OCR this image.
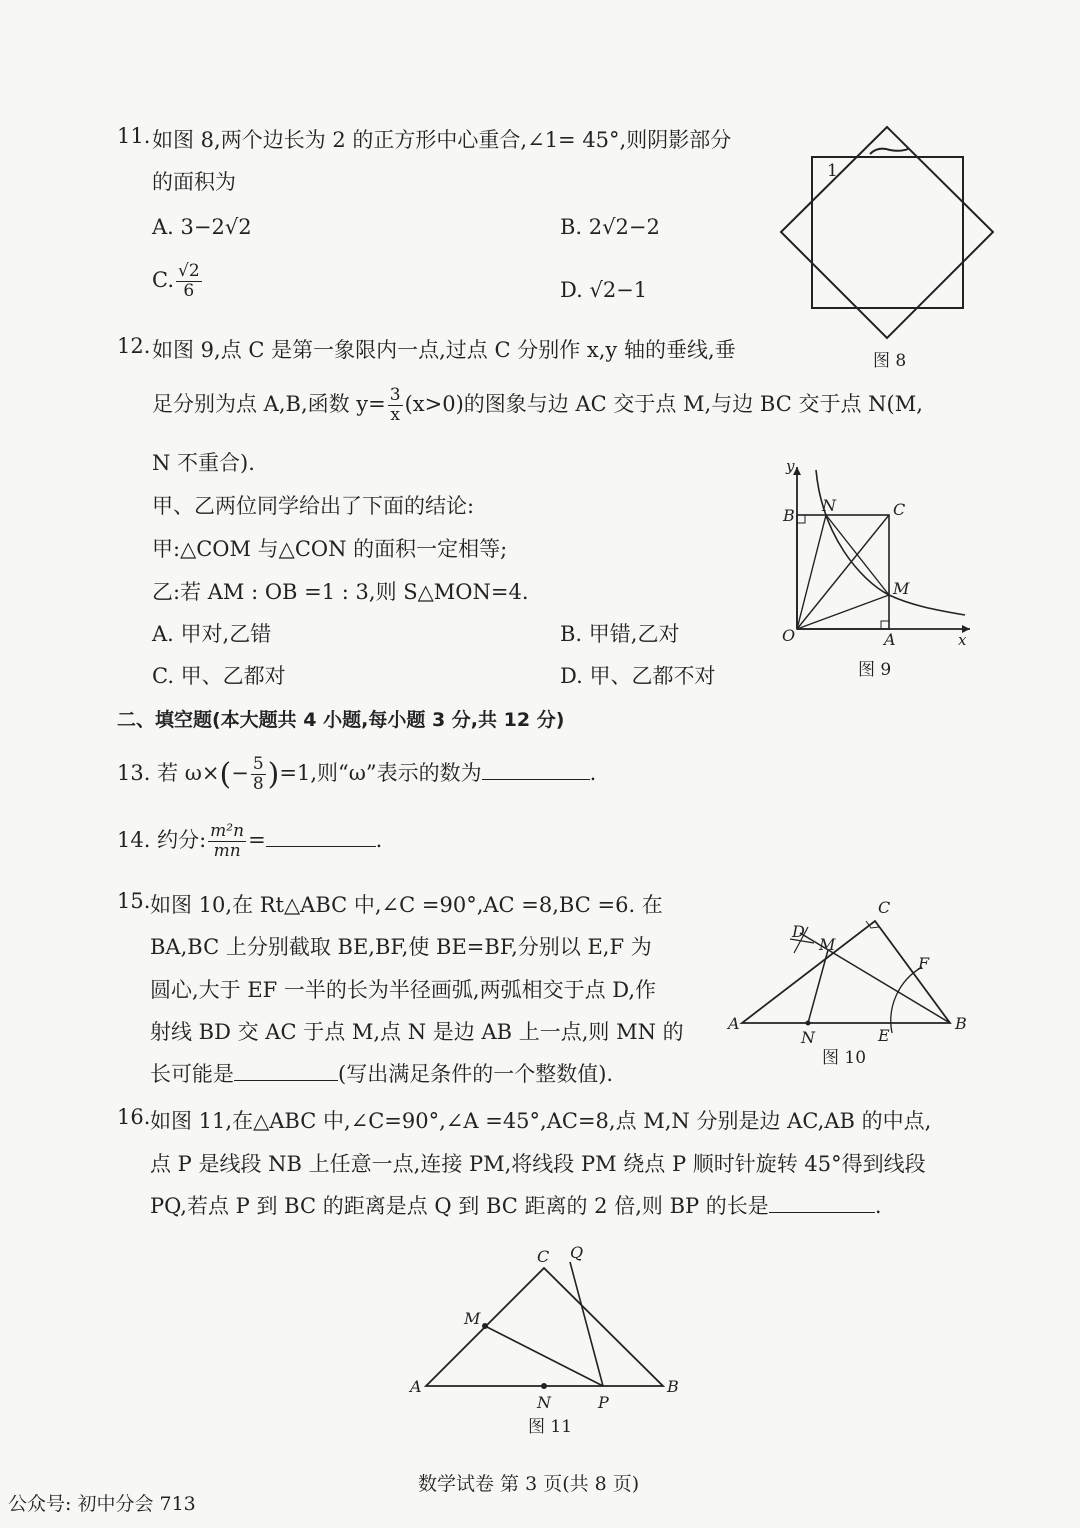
11. 如图 8,两个边长为 2 的正方形中心重合,∠1= 45°,则阴影部分
的面积为
A. 3−2√2	B. 2√2−2
C. $\frac{√2}{6}$	D. √2−1
1
图 8
12. 如图 9,点 C 是第一象限内一点,过点 C 分别作 x,y 轴的垂线,垂
足分别为点 A,B,函数 $y= \frac{3}{x} (x>0)$的图象与边 AC 交于点 M,与边 BC 交于点 N(M,
N 不重合).
甲、乙两位同学给出了下面的结论:
甲:△COM 与△CON 的面积一定相等;
乙:若 AM : OB =1 : 3,则 S△MON=4.
A. 甲对,乙错	B. 甲错,乙对
C. 甲、乙都对	D. 甲、乙都不对
y
x
O	A
B	C
M
N
图 9
二、填空题(本大题共 4 小题,每小题 3 分,共 12 分)
13. 若 $\omega\times(- \frac{5}{8} )=1$,则“ω”表示的数为	.
14. 约分: $\frac{\text{m²n}}{mn}$ =	.
15. 如图 10,在 Rt△ABC 中,∠C =90°,AC =8,BC =6. 在
BA,BC 上分别截取 BE,BF,使 BE=BF,分别以 E,F 为
圆心,大于 EF 一半的长为半径画弧,两弧相交于点 D,作
射线 BD 交 AC 于点 M,点 N 是边 AB 上一点,则 MN 的
长可能是	(写出满足条件的一个整数值).
A	B
C
D
M
N	E
F
图 10
16. 如图 11,在△ABC 中,∠C=90°,∠A =45°,AC=8,点 M,N 分别是边 AC,AB 的中点,
点 P 是线段 NB 上任意一点,连接 PM,将线段 PM 绕点 P 顺时针旋转 45°得到线段
PQ,若点 P 到 BC 的距离是点 Q 到 BC 距离的 2 倍,则 BP 的长是	.
A	B
C
M
N	P
Q
图 11
数学试卷 第 3 页(共 8 页)
公众号: 初中分会 713
